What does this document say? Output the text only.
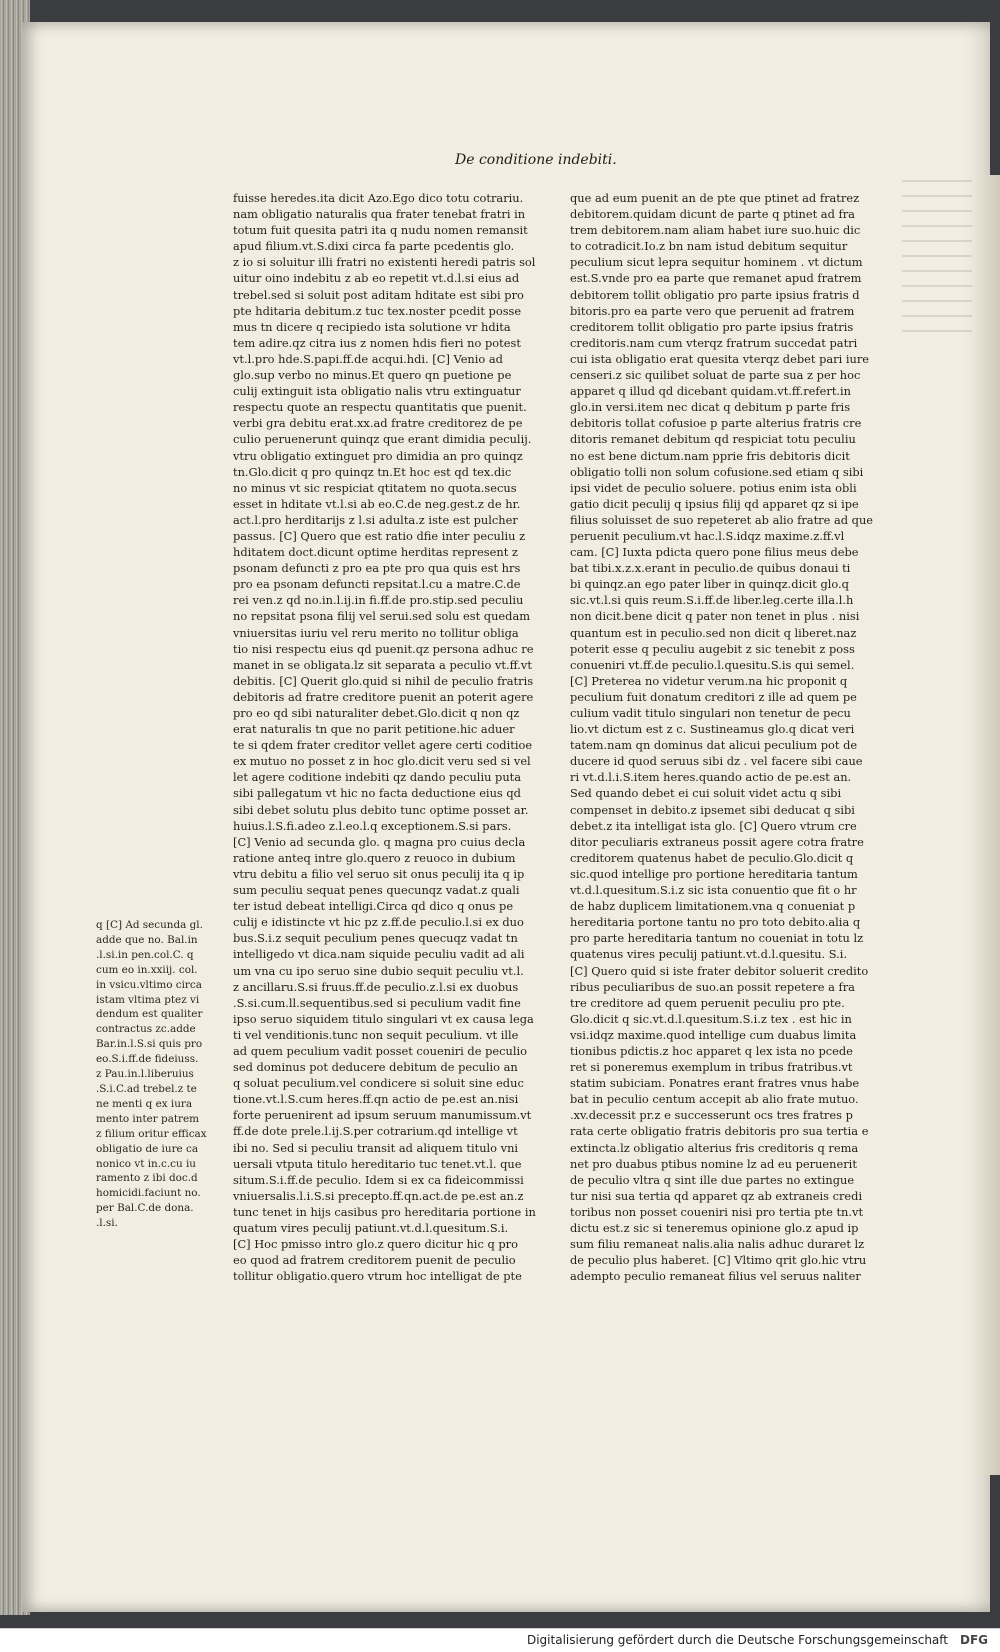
De conditione indebiti.
fuisse heredes.ita dicit Azo.Ego dico totu cotrariu.
nam obligatio naturalis qua frater tenebat fratri in
totum fuit quesita patri ita q nudu nomen remansit
apud filium.vt.S.dixi circa fa parte pcedentis glo.
z io si soluitur illi fratri no existenti heredi patris sol
uitur oino indebitu z ab eo repetit vt.d.l.si eius ad
trebel.sed si soluit post aditam hditate est sibi pro
pte hditaria debitum.z tuc tex.noster pcedit posse
mus tn dicere q recipiedo ista solutione vr hdita
tem adire.qz citra ius z nomen hdis fieri no potest
vt.l.pro hde.S.papi.ff.de acqui.hdi. [C] Venio ad
glo.sup verbo no minus.Et quero qn puetione pe
culij extinguit ista obligatio nalis vtru extinguatur
respectu quote an respectu quantitatis que puenit.
verbi gra debitu erat.xx.ad fratre creditorez de pe
culio peruenerunt quinqz que erant dimidia peculij.
vtru obligatio extinguet pro dimidia an pro quinqz
tn.Glo.dicit q pro quinqz tn.Et hoc est qd tex.dic
no minus vt sic respiciat qtitatem no quota.secus
esset in hditate vt.l.si ab eo.C.de neg.gest.z de hr.
act.l.pro herditarijs z l.si adulta.z iste est pulcher
passus. [C] Quero que est ratio dfie inter peculiu z
hditatem doct.dicunt optime herditas represent z
psonam defuncti z pro ea pte pro qua quis est hrs
pro ea psonam defuncti repsitat.l.cu a matre.C.de
rei ven.z qd no.in.l.ij.in fi.ff.de pro.stip.sed peculiu
no repsitat psona filij vel serui.sed solu est quedam
vniuersitas iuriu vel reru merito no tollitur obliga
tio nisi respectu eius qd puenit.qz persona adhuc re
manet in se obligata.lz sit separata a peculio vt.ff.vt
debitis. [C] Querit glo.quid si nihil de peculio fratris
debitoris ad fratre creditore puenit an poterit agere
pro eo qd sibi naturaliter debet.Glo.dicit q non qz
erat naturalis tn que no parit petitione.hic aduer
te si qdem frater creditor vellet agere certi coditioe
ex mutuo no posset z in hoc glo.dicit veru sed si vel
let agere coditione indebiti qz dando peculiu puta
sibi pallegatum vt hic no facta deductione eius qd
sibi debet solutu plus debito tunc optime posset ar.
huius.l.S.fi.adeo z.l.eo.l.q exceptionem.S.si pars.
[C] Venio ad secunda glo. q magna pro cuius decla
ratione anteq intre glo.quero z reuoco in dubium
vtru debitu a filio vel seruo sit onus peculij ita q ip
sum peculiu sequat penes quecunqz vadat.z quali
ter istud debeat intelligi.Circa qd dico q onus pe
culij e idistincte vt hic pz z.ff.de peculio.l.si ex duo
bus.S.i.z sequit peculium penes quecuqz vadat tn
intelligedo vt dica.nam siquide peculiu vadit ad ali
um vna cu ipo seruo sine dubio sequit peculiu vt.l.
z ancillaru.S.si fruus.ff.de peculio.z.l.si ex duobus
.S.si.cum.ll.sequentibus.sed si peculium vadit fine
ipso seruo siquidem titulo singulari vt ex causa lega
ti vel venditionis.tunc non sequit peculium. vt ille
ad quem peculium vadit posset coueniri de peculio
sed dominus pot deducere debitum de peculio an
q soluat peculium.vel condicere si soluit sine educ
tione.vt.l.S.cum heres.ff.qn actio de pe.est an.nisi
forte peruenirent ad ipsum seruum manumissum.vt
ff.de dote prele.l.ij.S.per cotrarium.qd intellige vt
ibi no. Sed si peculiu transit ad aliquem titulo vni
uersali vtputa titulo hereditario tuc tenet.vt.l. que
situm.S.i.ff.de peculio. Idem si ex ca fideicommissi
vniuersalis.l.i.S.si precepto.ff.qn.act.de pe.est an.z
tunc tenet in hijs casibus pro hereditaria portione in
quatum vires peculij patiunt.vt.d.l.quesitum.S.i.
[C] Hoc pmisso intro glo.z quero dicitur hic q pro
eo quod ad fratrem creditorem puenit de peculio
tollitur obligatio.quero vtrum hoc intelligat de pte
que ad eum puenit an de pte que ptinet ad fratrez
debitorem.quidam dicunt de parte q ptinet ad fra
trem debitorem.nam aliam habet iure suo.huic dic
to cotradicit.Io.z bn nam istud debitum sequitur
peculium sicut lepra sequitur hominem . vt dictum
est.S.vnde pro ea parte que remanet apud fratrem
debitorem tollit obligatio pro parte ipsius fratris d
bitoris.pro ea parte vero que peruenit ad fratrem
creditorem tollit obligatio pro parte ipsius fratris
creditoris.nam cum vterqz fratrum succedat patri
cui ista obligatio erat quesita vterqz debet pari iure
censeri.z sic quilibet soluat de parte sua z per hoc
apparet q illud qd dicebant quidam.vt.ff.refert.in
glo.in versi.item nec dicat q debitum p parte fris
debitoris tollat cofusioe p parte alterius fratris cre
ditoris remanet debitum qd respiciat totu peculiu
no est bene dictum.nam pprie fris debitoris dicit
obligatio tolli non solum cofusione.sed etiam q sibi
ipsi videt de peculio soluere. potius enim ista obli
gatio dicit peculij q ipsius filij qd apparet qz si ipe
filius soluisset de suo repeteret ab alio fratre ad que
peruenit peculium.vt hac.l.S.idqz maxime.z.ff.vl
cam. [C] Iuxta pdicta quero pone filius meus debe
bat tibi.x.z.x.erant in peculio.de quibus donaui ti
bi quinqz.an ego pater liber in quinqz.dicit glo.q
sic.vt.l.si quis reum.S.i.ff.de liber.leg.certe illa.l.h
non dicit.bene dicit q pater non tenet in plus . nisi
quantum est in peculio.sed non dicit q liberet.naz
poterit esse q peculiu augebit z sic tenebit z poss
conueniri vt.ff.de peculio.l.quesitu.S.is qui semel.
[C] Preterea no videtur verum.na hic proponit q
peculium fuit donatum creditori z ille ad quem pe
culium vadit titulo singulari non tenetur de pecu
lio.vt dictum est z c. Sustineamus glo.q dicat veri
tatem.nam qn dominus dat alicui peculium pot de
ducere id quod seruus sibi dz . vel facere sibi caue
ri vt.d.l.i.S.item heres.quando actio de pe.est an.
Sed quando debet ei cui soluit videt actu q sibi
compenset in debito.z ipsemet sibi deducat q sibi
debet.z ita intelligat ista glo. [C] Quero vtrum cre
ditor peculiaris extraneus possit agere cotra fratre
creditorem quatenus habet de peculio.Glo.dicit q
sic.quod intellige pro portione hereditaria tantum
vt.d.l.quesitum.S.i.z sic ista conuentio que fit o hr
de habz duplicem limitationem.vna q conueniat p
hereditaria portone tantu no pro toto debito.alia q
pro parte hereditaria tantum no coueniat in totu lz
quatenus vires peculij patiunt.vt.d.l.quesitu. S.i.
[C] Quero quid si iste frater debitor soluerit credito
ribus peculiaribus de suo.an possit repetere a fra
tre creditore ad quem peruenit peculiu pro pte.
Glo.dicit q sic.vt.d.l.quesitum.S.i.z tex . est hic in
vsi.idqz maxime.quod intellige cum duabus limita
tionibus pdictis.z hoc apparet q lex ista no pcede
ret si poneremus exemplum in tribus fratribus.vt
statim subiciam. Ponatres erant fratres vnus habe
bat in peculio centum accepit ab alio frate mutuo.
.xv.decessit pr.z e successerunt ocs tres fratres p
rata certe obligatio fratris debitoris pro sua tertia e
extincta.lz obligatio alterius fris creditoris q rema
net pro duabus ptibus nomine lz ad eu peruenerit
de peculio vltra q sint ille due partes no extingue
tur nisi sua tertia qd apparet qz ab extraneis credi
toribus non posset coueniri nisi pro tertia pte tn.vt
dictu est.z sic si teneremus opinione glo.z apud ip
sum filiu remaneat nalis.alia nalis adhuc duraret lz
de peculio plus haberet. [C] Vltimo qrit glo.hic vtru
adempto peculio remaneat filius vel seruus naliter
q [C] Ad secunda gl.
adde que no. Bal.in
.l.si.in pen.col.C. q
cum eo in.xxiij. col.
in vsicu.vltimo circa
istam vltima ptez vi
dendum est qualiter
contractus zc.adde
Bar.in.l.S.si quis pro
eo.S.i.ff.de fideiuss.
z Pau.in.l.liberuius
.S.i.C.ad trebel.z te
ne menti q ex iura
mento inter patrem
z filium oritur efficax
obligatio de iure ca
nonico vt in.c.cu iu
ramento z ibi doc.d
homicidi.faciunt no.
per Bal.C.de dona.
.l.si.
Digitalisierung gefördert durch die Deutsche Forschungsgemeinschaft DFG
